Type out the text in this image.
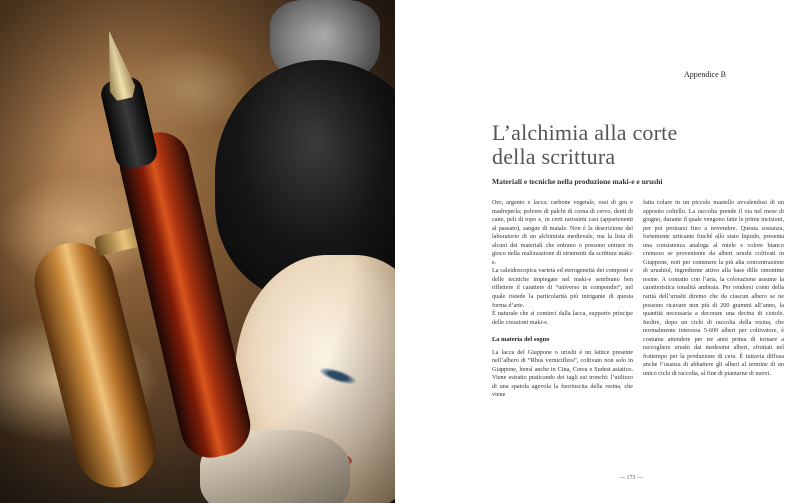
Appendice B
L’alchimia alla corte
della scrittura
Materiali e tecniche nella produzione maki-e e urushi

Oro, argento e lacca; carbone vegetale, ossi di gru e madreperla; polvere di palchi di corna di cervo, denti di cane, peli di topo e, in certi rarissimi casi (appartenenti al passato), sangue di maiale. Non è la descrizione del laboratorio di un alchimista medievale, ma la lista di alcuni dei materiali che entrano o possono entrare in gioco nella realizzazione di strumenti da scrittura maki-e.

La caleidoscopica varietà ed eterogeneità dei composti e delle tecniche impiegate nel maki-e sembrano ben riflettere il carattere di “universo in compendio”, nel quale risiede la particolarità più intrigante di questa forma d’arte.

È naturale che si cominci dalla lacca, supporto principe delle creazioni maki-e.

La materia del sogno

La lacca del Giappone o urushi è un lattice presente nell’albero di “Rhus verniciflera”, coltivato non solo in Giappone, bensì anche in Cina, Corea e Sudest asiatico. Viene estratto praticando dei tagli sui tronchi: l’utilizzo di una spatola agevola la fuoriuscita della resina, che viene

fatta colare in un piccolo mastello avvalendosi di un apposito coltello. La raccolta prende il via nel mese di giugno, durante il quale vengono fatte le prime incisioni, per poi protrarsi fino a novembre. Questa sostanza, fortemente urticante finché allo stato liquido, presenta una consistenza analoga al miele e colore bianco cremoso se proveniente da alberi urushi coltivati in Giappone, noti per contenere la più alta concentrazione di urushiol, ingrediente attivo alla base dille omonime resine. A contatto con l’aria, la colorazione assume la caratteristica tonalità ambrata. Per rendersi conto della rarità dell’urushi diremo che da ciascun albero se ne possono ricavare non più di 200 grammi all’anno, la quantità necessaria a decorare una decina di ciotole. Inoltre, dopo un ciclo di raccolta della resina, che normalmente interessa 5-600 alberi per coltivatore, è costume attendere per tre anni prima di tornare a raccogliere urushi dai medesimi alberi, sfruttati nel frattempo per la produzione di cera. È tuttavia diffusa anche l’usanza di abbattere gli alberi al termine di un unico ciclo di raccolta, al fine di piantarne di nuovi.

— 173 —
